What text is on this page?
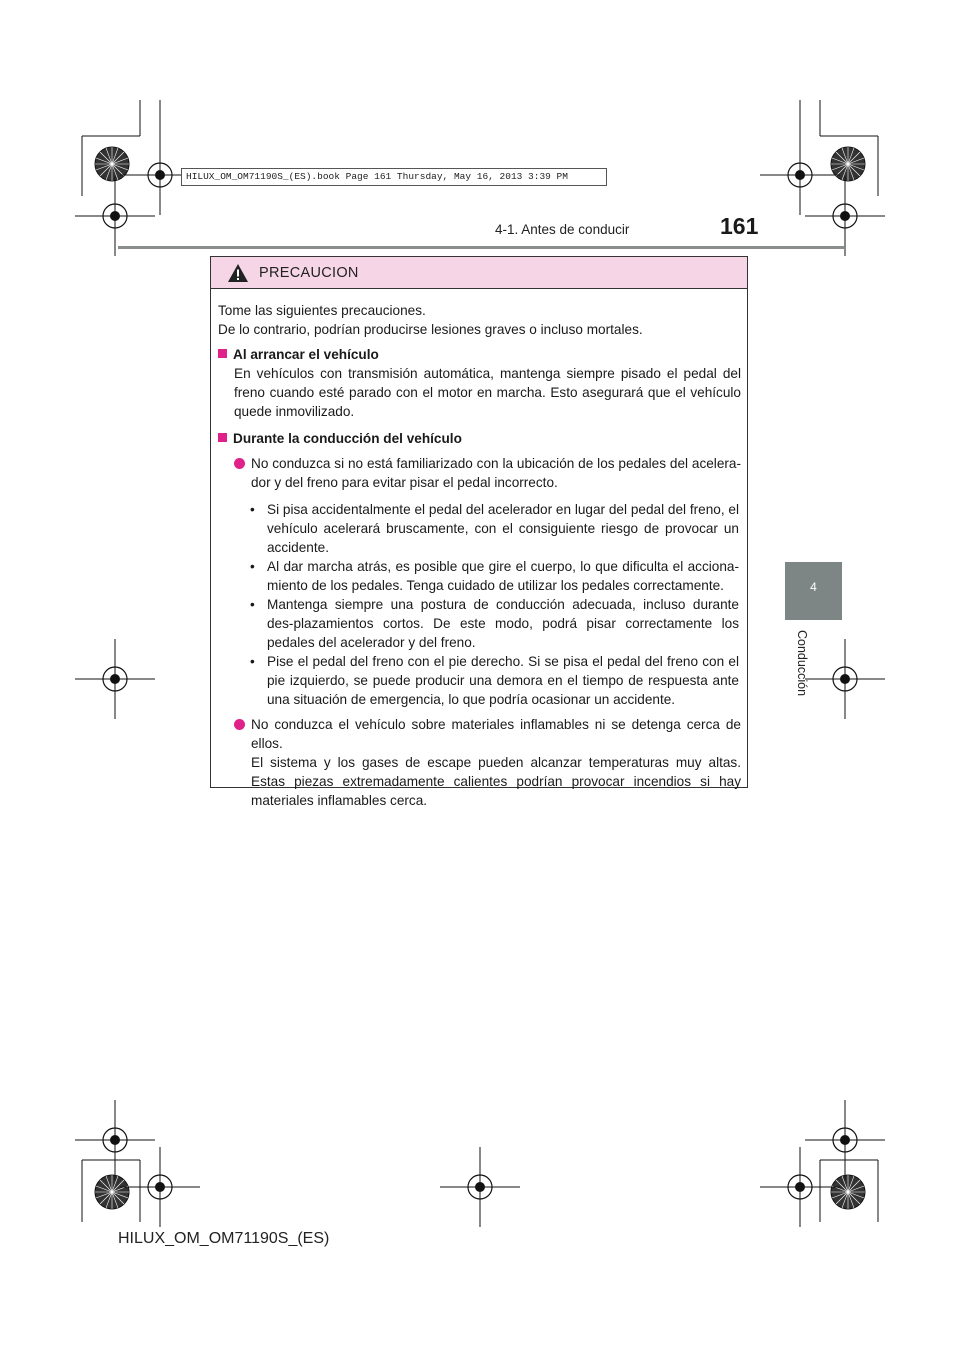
HILUX_OM_OM71190S_(ES).book Page 161 Thursday, May 16, 2013 3:39 PM
4-1. Antes de conducir	161
4
Conducción
PRECAUCION

Tome las siguientes precauciones.

De lo contrario, podrían producirse lesiones graves o incluso mortales.

Al arrancar el vehículo

En vehículos con transmisión automática, mantenga siempre pisado el pedal del freno cuando esté parado con el motor en marcha. Esto asegurará que el vehículo quede inmovilizado.

Durante la conducción del vehículo
No conduzca si no está familiarizado con la ubicación de los pedales del acelera-dor y del freno para evitar pisar el pedal incorrecto.
• Si pisa accidentalmente el pedal del acelerador en lugar del pedal del freno, el vehículo acelerará bruscamente, con el consiguiente riesgo de provocar un accidente.
• Al dar marcha atrás, es posible que gire el cuerpo, lo que dificulta el acciona-miento de los pedales. Tenga cuidado de utilizar los pedales correctamente.
• Mantenga siempre una postura de conducción adecuada, incluso durante des-plazamientos cortos. De este modo, podrá pisar correctamente los pedales del acelerador y del freno.
• Pise el pedal del freno con el pie derecho. Si se pisa el pedal del freno con el pie izquierdo, se puede producir una demora en el tiempo de respuesta ante una situación de emergencia, lo que podría ocasionar un accidente.
No conduzca el vehículo sobre materiales inflamables ni se detenga cerca de ellos.
El sistema y los gases de escape pueden alcanzar temperaturas muy altas. Estas piezas extremadamente calientes podrían provocar incendios si hay materiales inflamables cerca.
HILUX_OM_OM71190S_(ES)
